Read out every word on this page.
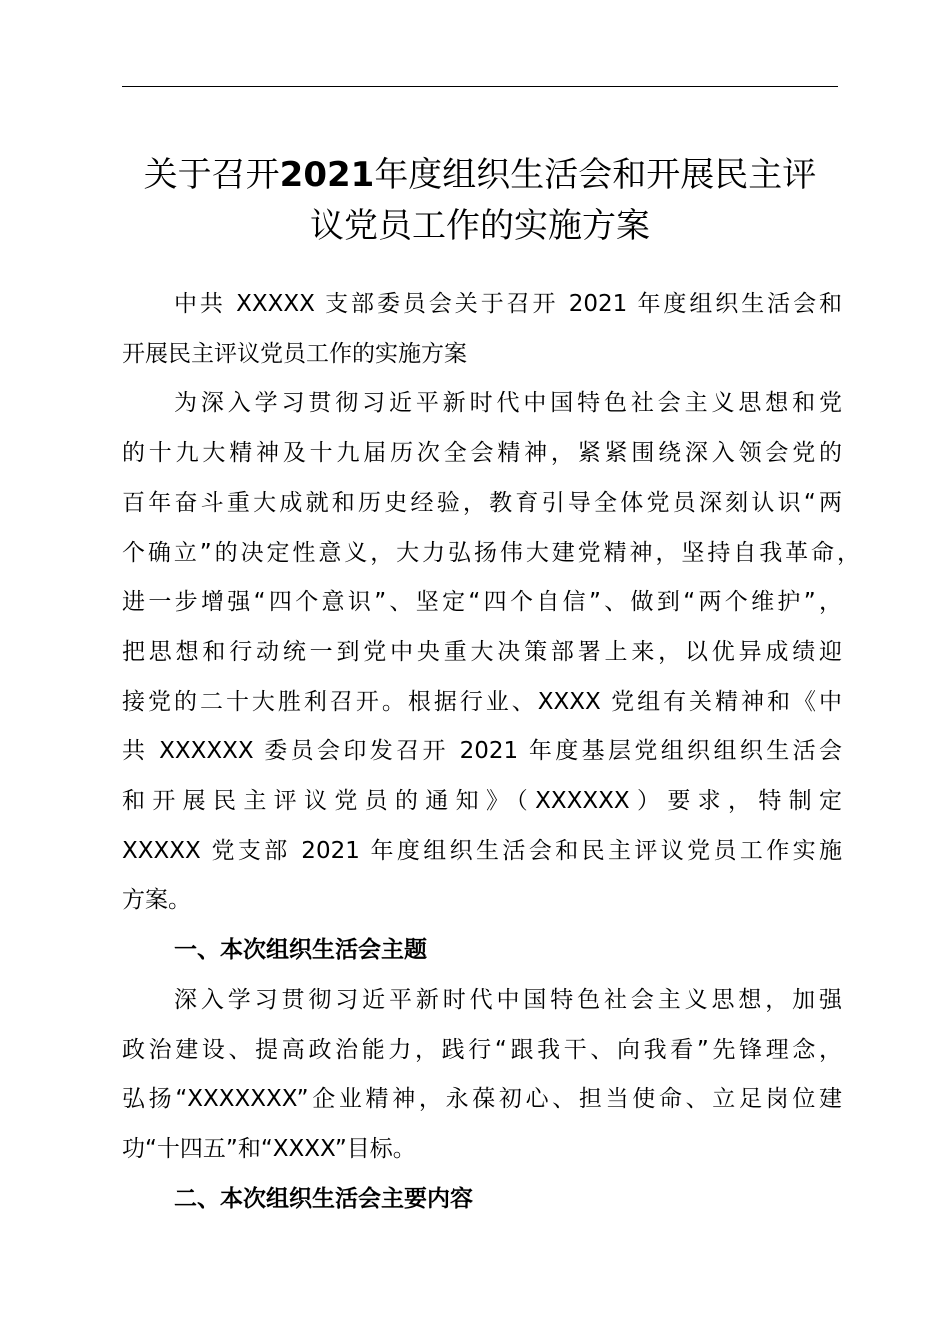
关于召开2021年度组织生活会和开展民主评
议党员工作的实施方案

中共 XXXXX 支部委员会关于召开 2021 年度组织生活会和
开展民主评议党员工作的实施方案

为深入学习贯彻习近平新时代中国特色社会主义思想和党
的十九大精神及十九届历次全会精神，紧紧围绕深入领会党的
百年奋斗重大成就和历史经验，教育引导全体党员深刻认识“两
个确立”的决定性意义，大力弘扬伟大建党精神，坚持自我革命，
进一步增强“四个意识”、坚定“四个自信”、做到“两个维护”，
把思想和行动统一到党中央重大决策部署上来，以优异成绩迎
接党的二十大胜利召开。根据行业、XXXX 党组有关精神和《中
共 XXXXXX 委员会印发召开 2021 年度基层党组织组织生活会
和开展民主评议党员的通知》（XXXXXX）要求，特制定
XXXXX 党支部 2021 年度组织生活会和民主评议党员工作实施
方案。

一、本次组织生活会主题

深入学习贯彻习近平新时代中国特色社会主义思想，加强
政治建设、提高政治能力，践行“跟我干、向我看”先锋理念，
弘扬“XXXXXXX”企业精神，永葆初心、担当使命、立足岗位建
功“十四五”和“XXXX”目标。

二、本次组织生活会主要内容
